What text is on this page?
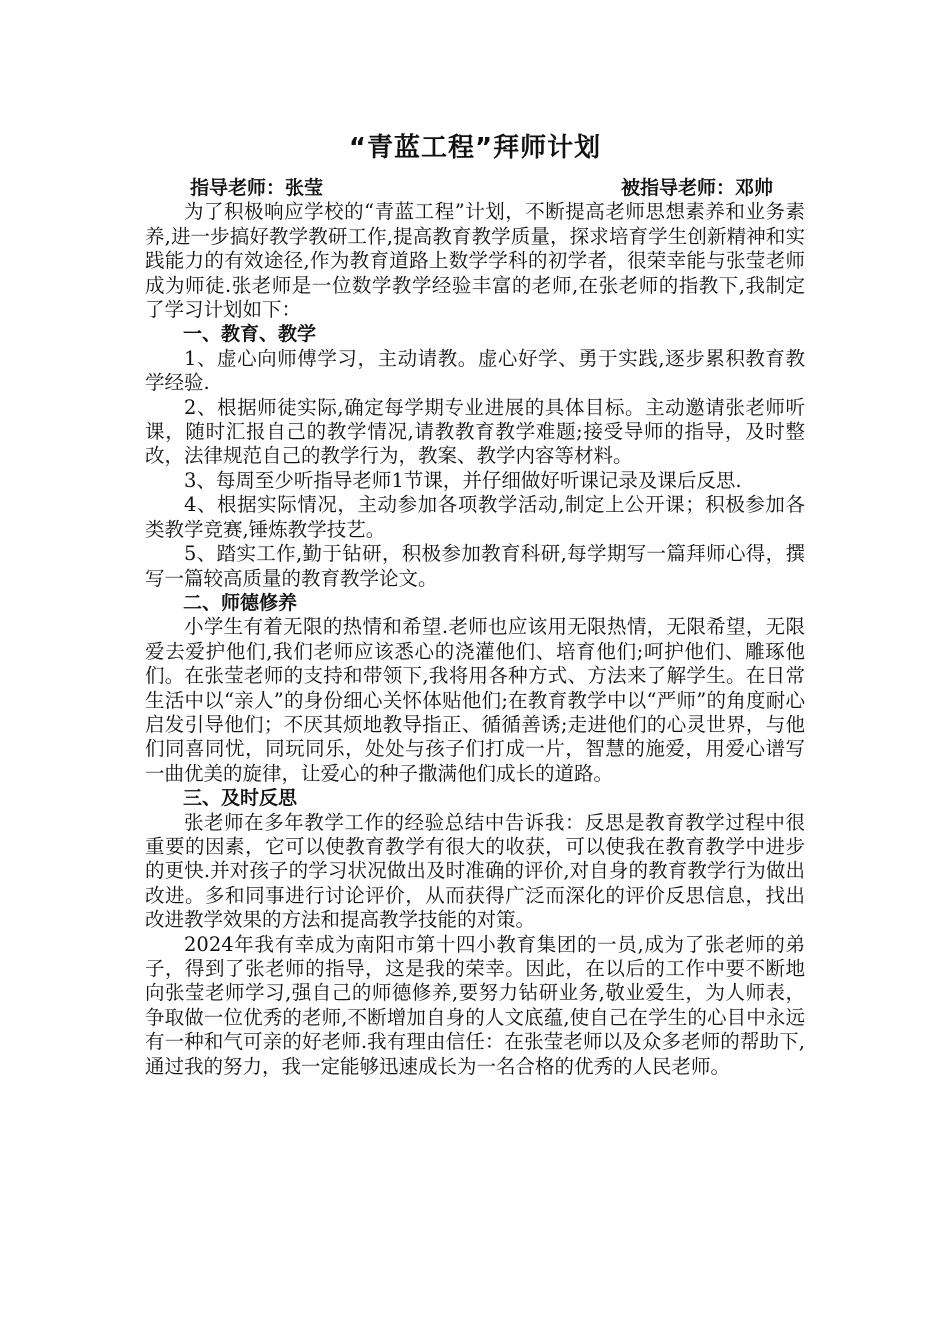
“青蓝工程”拜师计划
指导老师：张莹	被指导老师：邓帅

为了积极响应学校的“青蓝工程”计划，不断提高老师思想素养和业务素养,进一步搞好教学教研工作,提高教育教学质量，探求培育学生创新精神和实践能力的有效途径,作为教育道路上数学学科的初学者，很荣幸能与张莹老师成为师徒.张老师是一位数学教学经验丰富的老师,在张老师的指教下,我制定了学习计划如下：

一、教育、教学

1、虚心向师傅学习，主动请教。虚心好学、勇于实践,逐步累积教育教学经验.

2、根据师徒实际,确定每学期专业进展的具体目标。主动邀请张老师听课，随时汇报自己的教学情况,请教教育教学难题;接受导师的指导，及时整改，法律规范自己的教学行为，教案、教学内容等材料。

3、每周至少听指导老师1节课，并仔细做好听课记录及课后反思.

4、根据实际情况，主动参加各项教学活动,制定上公开课；积极参加各类教学竞赛,锤炼教学技艺。

5、踏实工作,勤于钻研，积极参加教育科研,每学期写一篇拜师心得，撰写一篇较高质量的教育教学论文。

二、师德修养

小学生有着无限的热情和希望.老师也应该用无限热情，无限希望，无限爱去爱护他们,我们老师应该悉心的浇灌他们、培育他们;呵护他们、雕琢他们。在张莹老师的支持和带领下,我将用各种方式、方法来了解学生。在日常生活中以“亲人”的身份细心关怀体贴他们;在教育教学中以“严师”的角度耐心启发引导他们；不厌其烦地教导指正、循循善诱;走进他们的心灵世界，与他们同喜同忧，同玩同乐，处处与孩子们打成一片，智慧的施爱，用爱心谱写一曲优美的旋律，让爱心的种子撒满他们成长的道路。

三、及时反思

张老师在多年教学工作的经验总结中告诉我：反思是教育教学过程中很重要的因素，它可以使教育教学有很大的收获，可以使我在教育教学中进步的更快.并对孩子的学习状况做出及时准确的评价,对自身的教育教学行为做出改进。多和同事进行讨论评价，从而获得广泛而深化的评价反思信息，找出改进教学效果的方法和提高教学技能的对策。

2024年我有幸成为南阳市第十四小教育集团的一员,成为了张老师的弟子，得到了张老师的指导，这是我的荣幸。因此，在以后的工作中要不断地向张莹老师学习,强自己的师德修养,要努力钻研业务,敬业爱生，为人师表，争取做一位优秀的老师,不断增加自身的人文底蕴,使自己在学生的心目中永远有一种和气可亲的好老师.我有理由信任：在张莹老师以及众多老师的帮助下,通过我的努力，我一定能够迅速成长为一名合格的优秀的人民老师。
